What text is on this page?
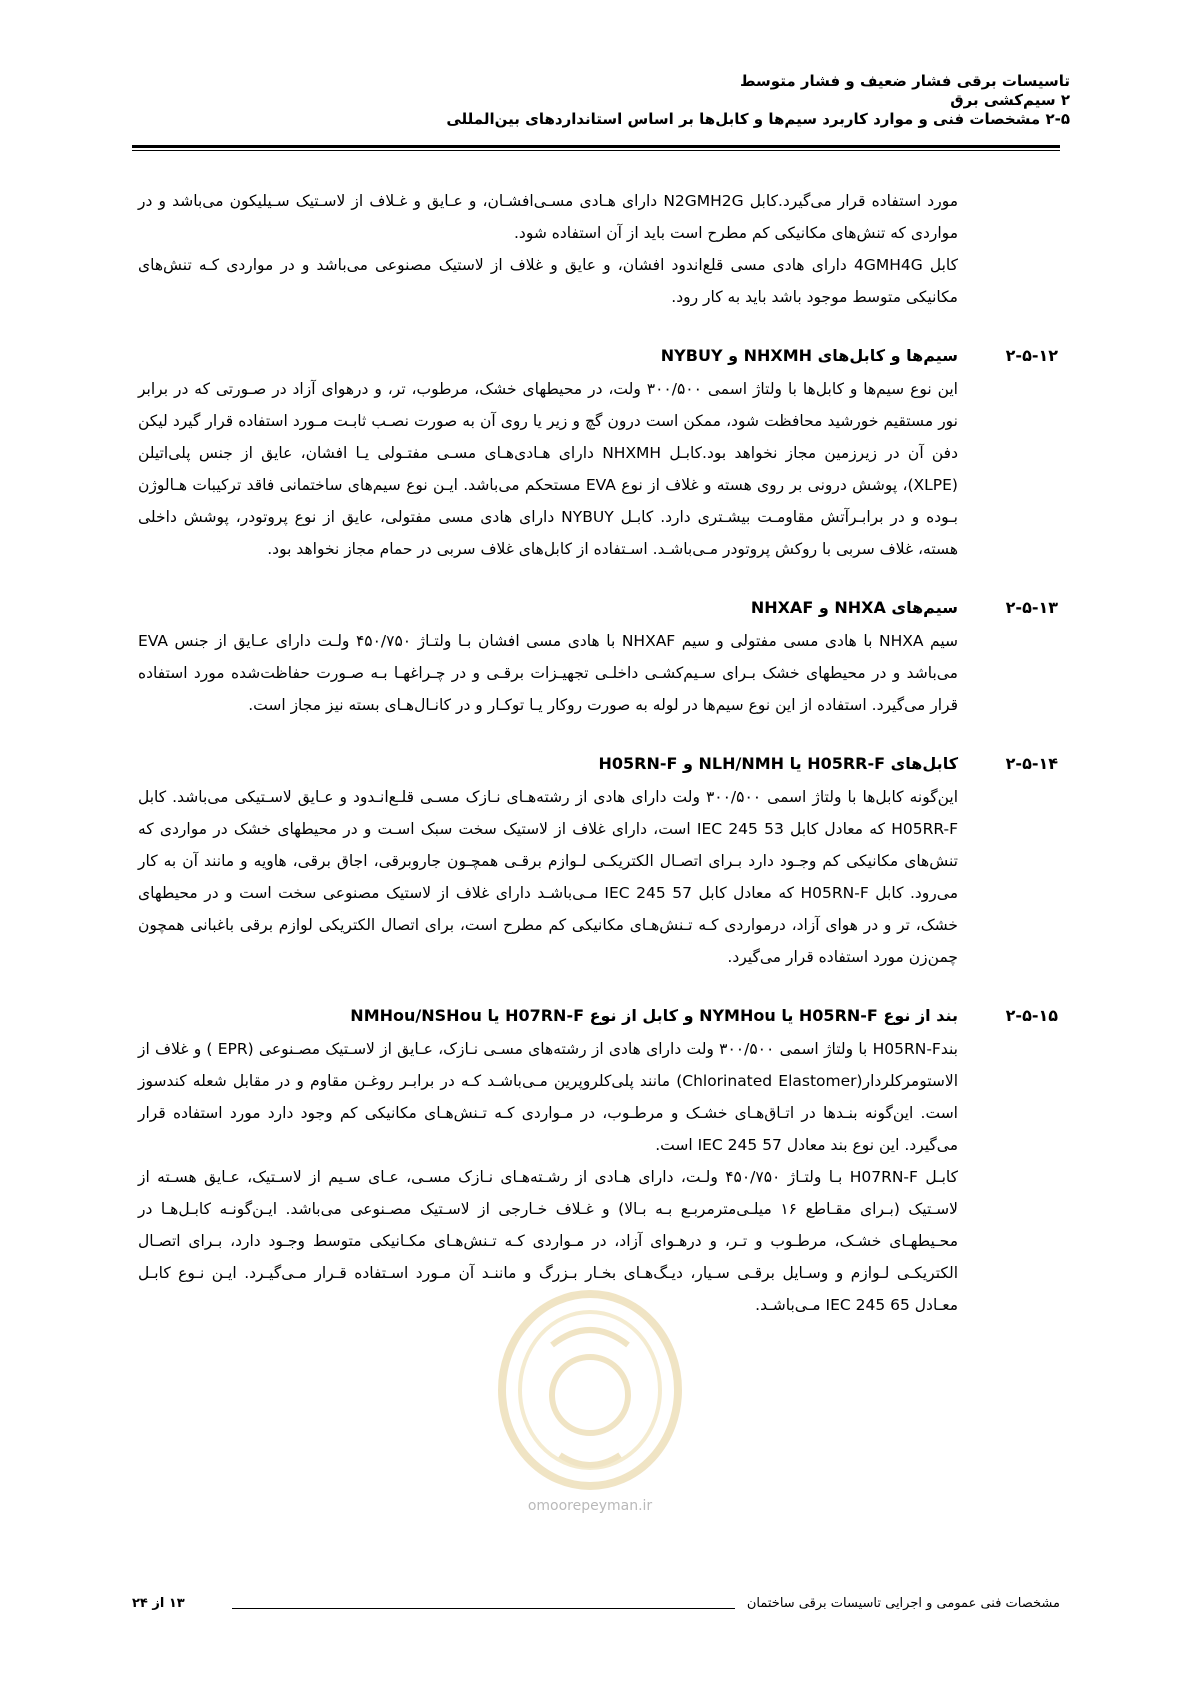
تاسیسات برقی فشار ضعیف و فشار متوسط
۲ سیم‌کشی برق
۲-۵ مشخصات فنی و موارد کاربرد سیم‌ها و کابل‌ها بر اساس استانداردهای بین‌المللی

مورد استفاده قرار می‌گیرد.کابل N2GMH2G دارای هـادی مسـی‌افشـان، و عـایق و غـلاف از لاسـتیک سـیلیکون می‌باشد و در مواردی که تنش‌های مکانیکی کم مطرح است باید از آن استفاده شود.

کابل 4GMH4G دارای هادی مسی قلع‌اندود افشان، و عایق و غلاف از لاستیک مصنوعی می‌باشد و در مواردی کـه تنش‌های مکانیکی متوسط موجود باشد باید به کار رود.

۲-۵-۱۲
سیم‌ها و کابل‌های NHXMH و NYBUY

این نوع سیم‌ها و کابل‌ها با ولتاژ اسمی ۳۰۰/۵۰۰ ولت، در محیطهای خشک، مرطوب، تر، و درهوای آزاد در صـورتی که در برابر نور مستقیم خورشید محافظت شود، ممکن است درون گچ و زیر یا روی آن به صورت نصـب ثابـت مـورد استفاده قرار گیرد لیکن دفن آن در زیرزمین مجاز نخواهد بود.کابـل NHXMH دارای هـادی‌هـای مسـی مفتـولی یـا افشان، عایق از جنس پلی‌اتیلن (XLPE)، پوشش درونی بر روی هسته و غلاف از نوع EVA مستحکم می‌باشد. ایـن نوع سیم‌های ساختمانی فاقد ترکیبات هـالوژن بـوده و در برابـرآتش مقاومـت بیشـتری دارد. کابـل NYBUY دارای هادی مسی مفتولی، عایق از نوع پروتودر، پوشش داخلی هسته، غلاف سربی با روکش پروتودر مـی‌باشـد. اسـتفاده از کابل‌های غلاف سربی در حمام مجاز نخواهد بود.

۲-۵-۱۳
سیم‌های NHXA و NHXAF

سیم NHXA با هادی مسی مفتولی و سیم NHXAF با هادی مسی افشان بـا ولتـاژ ۴۵۰/۷۵۰ ولـت دارای عـایق از جنس EVA می‌باشد و در محیطهای خشک بـرای سـیم‌کشـی داخلـی تجهیـزات برقـی و در چـراغهـا بـه صـورت حفاظت‌شده مورد استفاده قرار می‌گیرد. استفاده از این نوع سیم‌ها در لوله به صورت روکار یـا توکـار و در کانـال‌هـای بسته نیز مجاز است.

۲-۵-۱۴
کابل‌های H05RR-F یا NLH/NMH و H05RN-F

این‌گونه کابل‌ها با ولتاژ اسمی ۳۰۰/۵۰۰ ولت دارای هادی از رشته‌هـای نـازک مسـی قلـع‌انـدود و عـایق لاسـتیکی می‌باشد. کابل H05RR-F که معادل کابل IEC 245 53 است، دارای غلاف از لاستیک سخت سبک اسـت و در محیطهای خشک در مواردی که تنش‌های مکانیکی کم وجـود دارد بـرای اتصـال الکتریکـی لـوازم برقـی همچـون جاروبرقی، اجاق برقی، هاویه و مانند آن به کار می‌رود. کابل H05RN-F که معادل کابل IEC 245 57 مـی‌باشـد دارای غلاف از لاستیک مصنوعی سخت است و در محیطهای خشک، تر و در هوای آزاد، درمواردی کـه تـنش‌هـای مکانیکی کم مطرح است، برای اتصال الکتریکی لوازم برقی باغبانی همچون چمن‌زن مورد استفاده قرار می‌گیرد.

۲-۵-۱۵
بند از نوع H05RN-F یا NYMHou و کابل از نوع H07RN-F یا NMHou/NSHou

بندH05RN-F با ولتاژ اسمی ۳۰۰/۵۰۰ ولت دارای هادی از رشته‌های مسـی نـازک، عـایق از لاسـتیک مصـنوعی (EPR ) و غلاف از الاستومرکلردار(Chlorinated Elastomer) مانند پلی‌کلروپرین مـی‌باشـد کـه در برابـر روغـن مقاوم و در مقابل شعله کندسوز است. این‌گونه بنـدها در اتـاق‌هـای خشـک و مرطـوب، در مـواردی کـه تـنش‌هـای مکانیکی کم وجود دارد مورد استفاده قرار می‌گیرد. این نوع بند معادل IEC 245 57 است.

کابـل H07RN-F بـا ولتـاژ ۴۵۰/۷۵۰ ولـت، دارای هـادی از رشـته‌هـای نـازک مسـی، عـای سـیم از لاسـتیک، عـایق هسـته از لاسـتیک (بـرای مقـاطع ۱۶ میلـی‌مترمربـع بـه بـالا) و غـلاف خـارجی از لاسـتیک مصـنوعی می‌باشد. ایـن‌گونـه کابـل‌هـا در محـیطهـای خشـک، مرطـوب و تـر، و درهـوای آزاد، در مـواردی کـه تـنش‌هـای مکـانیکی متوسط وجـود دارد، بـرای اتصـال الکتریکـی لـوازم و وسـایل برقـی سـیار، دیـگ‌هـای بخـار بـزرگ و ماننـد آن مـورد اسـتفاده قـرار مـی‌گیـرد. ایـن نـوع کابـل معـادل IEC 245 65 مـی‌باشـد.

omoorepeyman.ir
مشخصات فنی عمومی و اجرایی تاسیسات برقی ساختمان
۱۳ از ۲۴
